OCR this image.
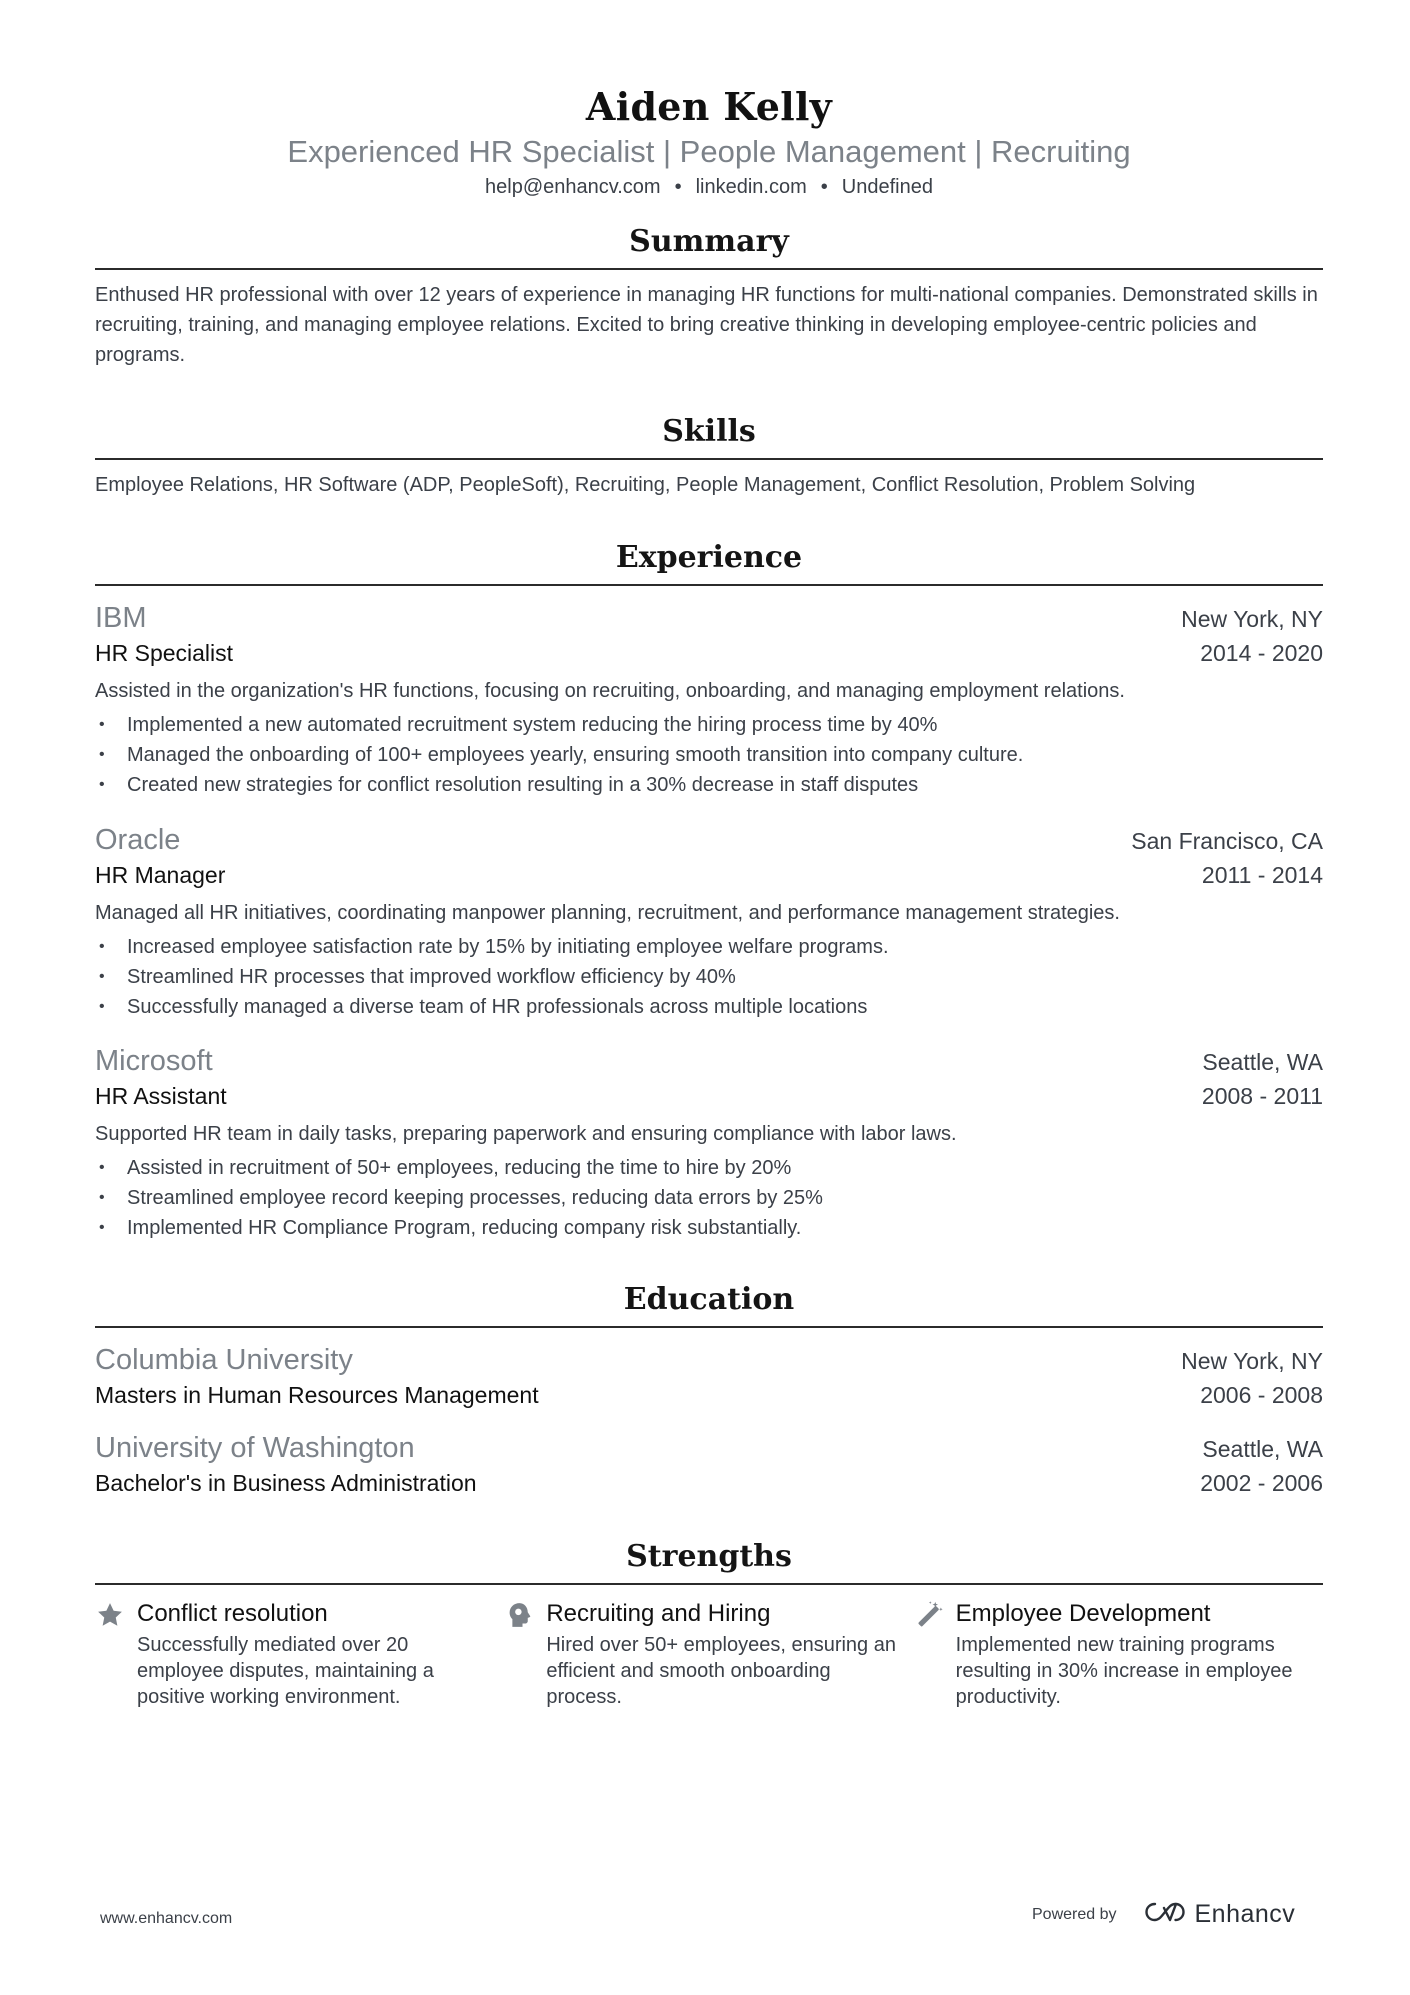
Aiden Kelly
Experienced HR Specialist | People Management | Recruiting
help@enhancv.com • linkedin.com • Undefined
Summary
Enthused HR professional with over 12 years of experience in managing HR functions for multi-national companies. Demonstrated skills in recruiting, training, and managing employee relations. Excited to bring creative thinking in developing employee-centric policies and programs.
Skills
Employee Relations, HR Software (ADP, PeopleSoft), Recruiting, People Management, Conflict Resolution, Problem Solving
Experience
IBM	New York, NY
HR Specialist	2014 - 2020
Assisted in the organization's HR functions, focusing on recruiting, onboarding, and managing employment relations.
• Implemented a new automated recruitment system reducing the hiring process time by 40%
• Managed the onboarding of 100+ employees yearly, ensuring smooth transition into company culture.
• Created new strategies for conflict resolution resulting in a 30% decrease in staff disputes
Oracle	San Francisco, CA
HR Manager	2011 - 2014
Managed all HR initiatives, coordinating manpower planning, recruitment, and performance management strategies.
• Increased employee satisfaction rate by 15% by initiating employee welfare programs.
• Streamlined HR processes that improved workflow efficiency by 40%
• Successfully managed a diverse team of HR professionals across multiple locations
Microsoft	Seattle, WA
HR Assistant	2008 - 2011
Supported HR team in daily tasks, preparing paperwork and ensuring compliance with labor laws.
• Assisted in recruitment of 50+ employees, reducing the time to hire by 20%
• Streamlined employee record keeping processes, reducing data errors by 25%
• Implemented HR Compliance Program, reducing company risk substantially.
Education
Columbia University	New York, NY
Masters in Human Resources Management	2006 - 2008
University of Washington	Seattle, WA
Bachelor's in Business Administration	2002 - 2006
Strengths
Conflict resolution
Successfully mediated over 20 employee disputes, maintaining a positive working environment.
Recruiting and Hiring
Hired over 50+ employees, ensuring an efficient and smooth onboarding process.
Employee Development
Implemented new training programs resulting in 30% increase in employee productivity.
www.enhancv.com	Powered by	Enhancv
